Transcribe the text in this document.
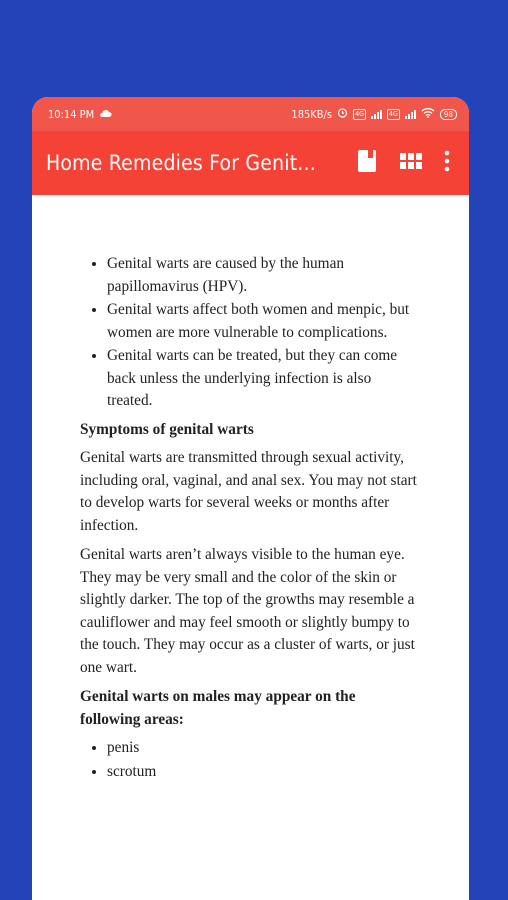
10:14 PM	185KB/s	4G	4G	98
Home Remedies For Genit...
• Genital warts are caused by the human papillomavirus (HPV).
• Genital warts affect both women and menpic, but women are more vulnerable to complications.
• Genital warts can be treated, but they can come back unless the underlying infection is also treated.
Symptoms of genital warts

Genital warts are transmitted through sexual activity, including oral, vaginal, and anal sex. You may not start to develop warts for several weeks or months after infection.

Genital warts aren’t always visible to the human eye. They may be very small and the color of the skin or slightly darker. The top of the growths may resemble a cauliflower and may feel smooth or slightly bumpy to the touch. They may occur as a cluster of warts, or just one wart.

Genital warts on males may appear on the following areas:
• penis
• scrotum
